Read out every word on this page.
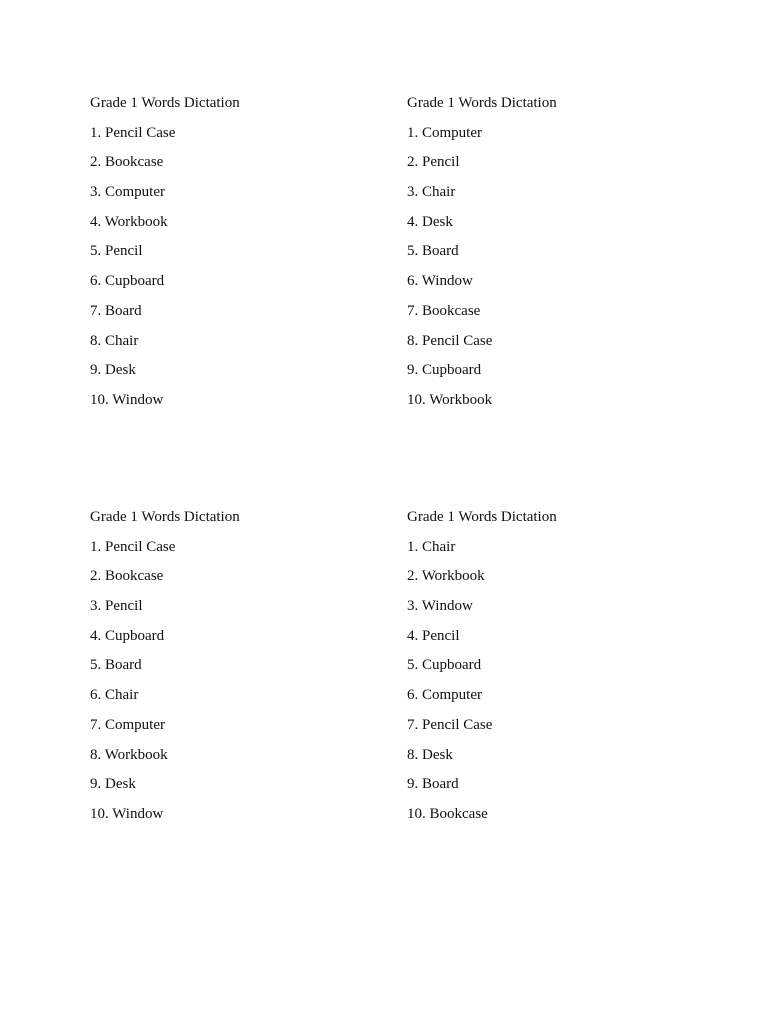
Grade 1 Words Dictation
1. Pencil Case
2. Bookcase
3. Computer
4. Workbook
5. Pencil
6. Cupboard
7. Board
8. Chair
9. Desk
10. Window
Grade 1 Words Dictation
1. Computer
2. Pencil
3. Chair
4. Desk
5. Board
6. Window
7. Bookcase
8. Pencil Case
9. Cupboard
10. Workbook
Grade 1 Words Dictation
1. Pencil Case
2. Bookcase
3. Pencil
4. Cupboard
5. Board
6. Chair
7. Computer
8. Workbook
9. Desk
10. Window
Grade 1 Words Dictation
1. Chair
2. Workbook
3. Window
4. Pencil
5. Cupboard
6. Computer
7. Pencil Case
8. Desk
9. Board
10. Bookcase
